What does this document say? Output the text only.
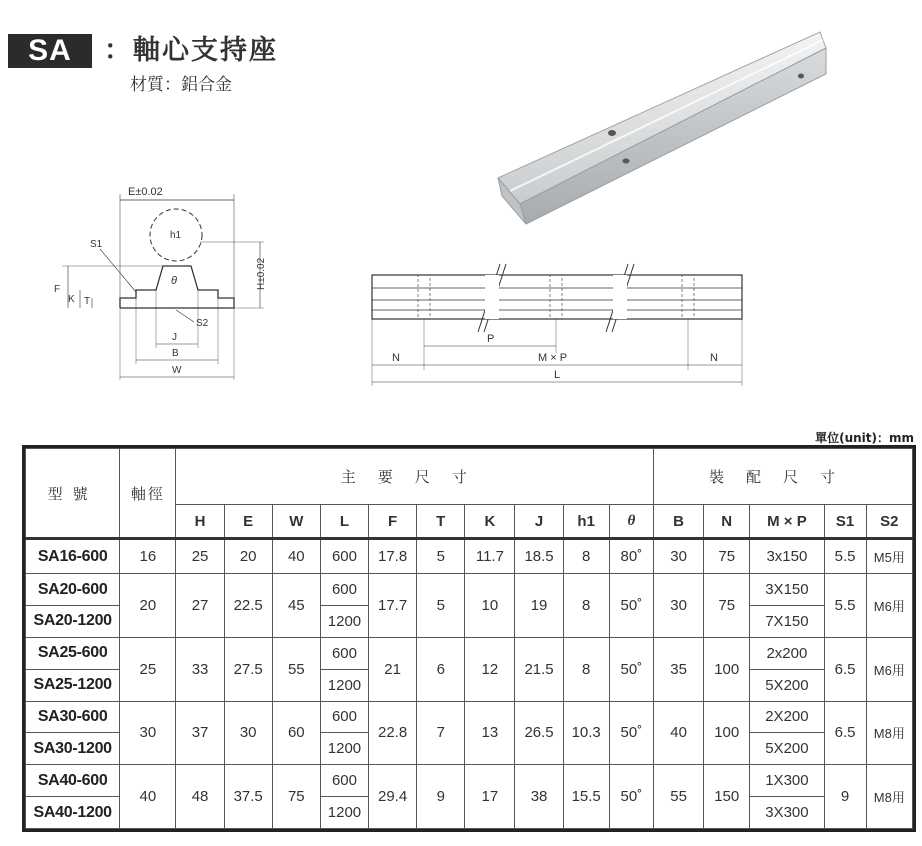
SA	：軸心支持座
材質：鋁合金
E±0.02
h1
S1
θ
F
K T
H±0.02
S2
J
B
W
P
M × P
N	N
L
單位(unit)：mm
型號	軸徑	主要尺寸										裝配尺寸				
		H	E	W	L	F	T	K	J	h1	θ	B	N	M × P	S1	S2
SA16-600	16	25	20	40	600	17.8	5	11.7	18.5	8	80˚	30	75	3x150	5.5	M5用
SA20-600	20	27	22.5	45	600	17.7	5	10	19	8	50˚	30	75	3X150	5.5	M6用
SA20-1200					1200									7X150		
SA25-600	25	33	27.5	55	600	21	6	12	21.5	8	50˚	35	100	2x200	6.5	M6用
SA25-1200					1200									5X200		
SA30-600	30	37	30	60	600	22.8	7	13	26.5	10.3	50˚	40	100	2X200	6.5	M8用
SA30-1200					1200									5X200		
SA40-600	40	48	37.5	75	600	29.4	9	17	38	15.5	50˚	55	150	1X300	9	M8用
SA40-1200					1200									3X300		
